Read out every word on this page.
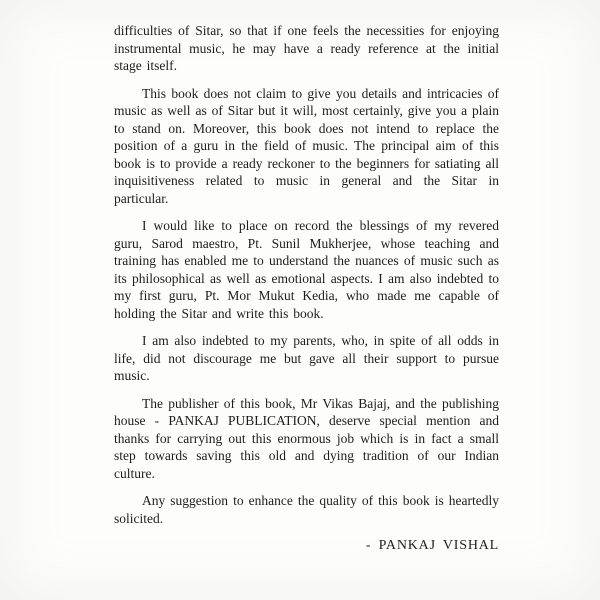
difficulties of Sitar, so that if one feels the necessities for enjoying instrumental music, he may have a ready reference at the initial stage itself.

This book does not claim to give you details and intricacies of music as well as of Sitar but it will, most certainly, give you a plain to stand on. Moreover, this book does not intend to replace the position of a guru in the field of music. The principal aim of this book is to provide a ready reckoner to the beginners for satiating all inquisitiveness related to music in general and the Sitar in particular.

I would like to place on record the blessings of my revered guru, Sarod maestro, Pt. Sunil Mukherjee, whose teaching and training has enabled me to understand the nuances of music such as its philosophical as well as emotional aspects. I am also indebted to my first guru, Pt. Mor Mukut Kedia, who made me capable of holding the Sitar and write this book.

I am also indebted to my parents, who, in spite of all odds in life, did not discourage me but gave all their support to pursue music.

The publisher of this book, Mr Vikas Bajaj, and the publishing house - PANKAJ PUBLICATION, deserve special mention and thanks for carrying out this enormous job which is in fact a small step towards saving this old and dying tradition of our Indian culture.

Any suggestion to enhance the quality of this book is heartedly solicited.

- PANKAJ VISHAL
